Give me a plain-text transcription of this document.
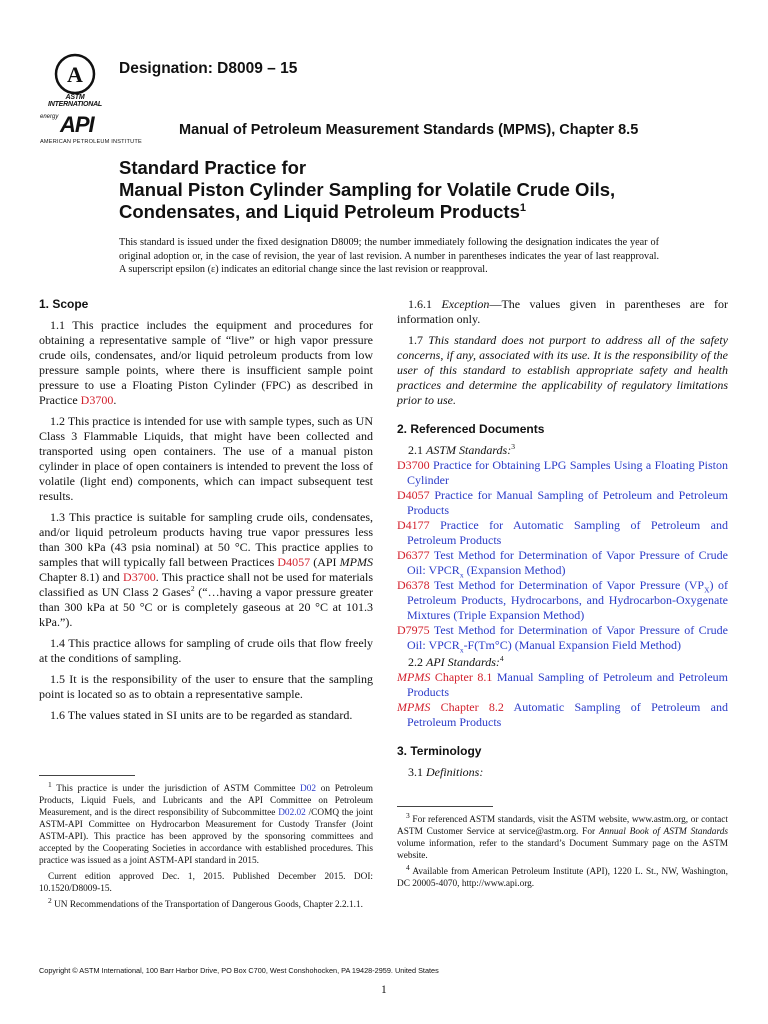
A
ASTM INTERNATIONAL
energy API
AMERICAN PETROLEUM INSTITUTE
Designation: D8009 – 15
Manual of Petroleum Measurement Standards (MPMS), Chapter 8.5
Standard Practice for
Manual Piston Cylinder Sampling for Volatile Crude Oils,
Condensates, and Liquid Petroleum Products$^1$
This standard is issued under the fixed designation D8009; the number immediately following the designation indicates the year of original adoption or, in the case of revision, the year of last revision. A number in parentheses indicates the year of last reapproval. A superscript epsilon (ε) indicates an editorial change since the last revision or reapproval.
1. Scope

1.1 This practice includes the equipment and procedures for obtaining a representative sample of “live” or high vapor pressure crude oils, condensates, and/or liquid petroleum products from low pressure sample points, where there is insufficient sample point pressure to use a Floating Piston Cylinder (FPC) as described in Practice D3700.

1.2 This practice is intended for use with sample types, such as UN Class 3 Flammable Liquids, that might have been collected and transported using open containers. The use of a manual piston cylinder in place of open containers is intended to prevent the loss of volatile (light end) components, which can impact subsequent test results.

1.3 This practice is suitable for sampling crude oils, condensates, and/or liquid petroleum products having true vapor pressures less than 300 kPa (43 psia nominal) at 50 °C. This practice applies to samples that will typically fall between Practices D4057 (API MPMS Chapter 8.1) and D3700. This practice shall not be used for materials classified as UN Class 2 Gases$^2$ (“…having a vapor pressure greater than 300 kPa at 50 °C or is completely gaseous at 20 °C at 101.3 kPa.”).

1.4 This practice allows for sampling of crude oils that flow freely at the conditions of sampling.

1.5 It is the responsibility of the user to ensure that the sampling point is located so as to obtain a representative sample.

1.6 The values stated in SI units are to be regarded as standard.

$^1$ This practice is under the jurisdiction of ASTM Committee D02 on Petroleum Products, Liquid Fuels, and Lubricants and the API Committee on Petroleum Measurement, and is the direct responsibility of Subcommittee D02.02 /COMQ the joint ASTM-API Committee on Hydrocarbon Measurement for Custody Transfer (Joint ASTM-API). This practice has been approved by the sponsoring committees and accepted by the Cooperating Societies in accordance with established procedures. This practice was issued as a joint ASTM-API standard in 2015.

Current edition approved Dec. 1, 2015. Published December 2015. DOI: 10.1520/D8009-15.

$^2$ UN Recommendations of the Transportation of Dangerous Goods, Chapter 2.2.1.1.

1.6.1 Exception—The values given in parentheses are for information only.

1.7 This standard does not purport to address all of the safety concerns, if any, associated with its use. It is the responsibility of the user of this standard to establish appropriate safety and health practices and determine the applicability of regulatory limitations prior to use.

2. Referenced Documents

2.1 ASTM Standards:$^3$

D3700 Practice for Obtaining LPG Samples Using a Floating Piston Cylinder
D4057 Practice for Manual Sampling of Petroleum and Petroleum Products
D4177 Practice for Automatic Sampling of Petroleum and Petroleum Products
D6377 Test Method for Determination of Vapor Pressure of Crude Oil: $VPCR_x$ (Expansion Method)
D6378 Test Method for Determination of Vapor Pressure $(VP_X)$ of Petroleum Products, Hydrocarbons, and Hydrocarbon-Oxygenate Mixtures (Triple Expansion Method)
D7975 Test Method for Determination of Vapor Pressure of Crude Oil: $VPCR_x-F(Tm^\circ C)$ (Manual Expansion Field Method)

2.2 API Standards:$^4$

MPMS Chapter 8.1 Manual Sampling of Petroleum and Petroleum Products
MPMS Chapter 8.2 Automatic Sampling of Petroleum and Petroleum Products
3. Terminology

3.1 Definitions:

$^3$ For referenced ASTM standards, visit the ASTM website, www.astm.org, or contact ASTM Customer Service at service@astm.org. For Annual Book of ASTM Standards volume information, refer to the standard’s Document Summary page on the ASTM website.

$^4$ Available from American Petroleum Institute (API), 1220 L. St., NW, Washington, DC 20005-4070, http://www.api.org.

Copyright © ASTM International, 100 Barr Harbor Drive, PO Box C700, West Conshohocken, PA 19428-2959. United States
1
